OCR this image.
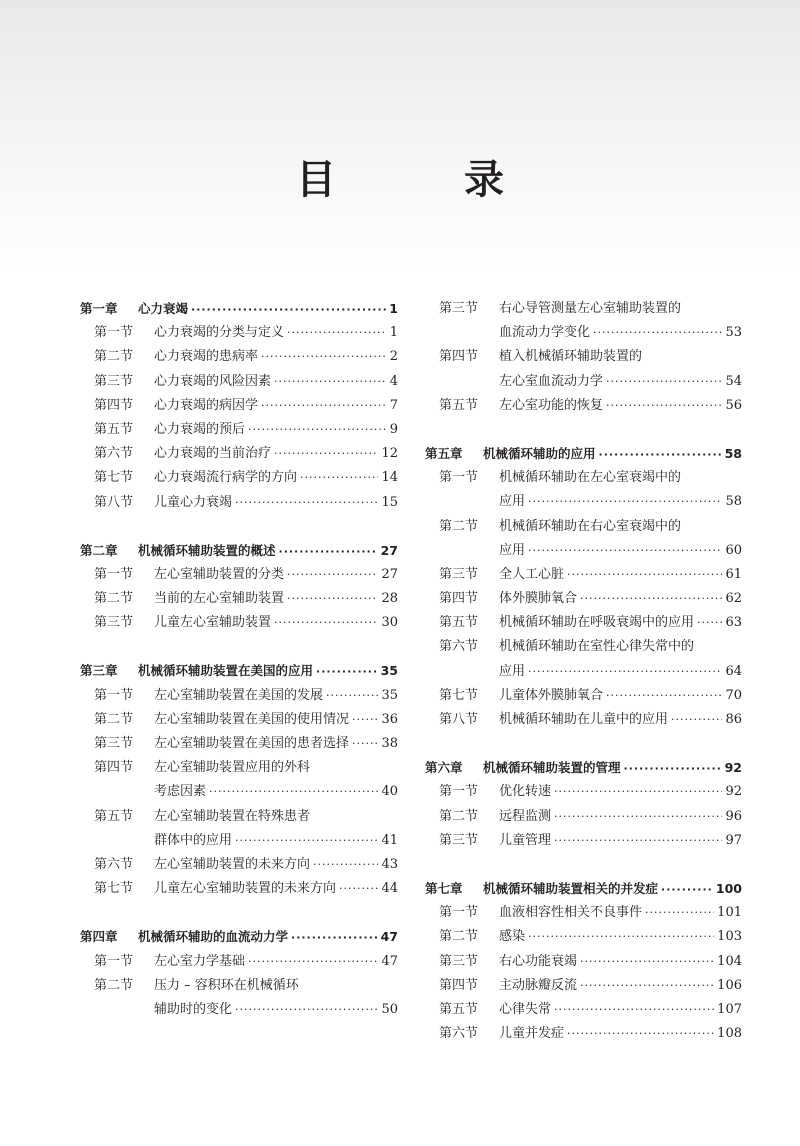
目　录
第一章	心力衰竭 ·····	1
第一节	心力衰竭的分类与定义 ·····	1
第二节	心力衰竭的患病率 ·····	2
第三节	心力衰竭的风险因素 ·····	4
第四节	心力衰竭的病因学 ·····	7
第五节	心力衰竭的预后 ·····	9
第六节	心力衰竭的当前治疗 ·····	12
第七节	心力衰竭流行病学的方向 ·····	14
第八节	儿童心力衰竭 ·····	15
第二章	机械循环辅助装置的概述 ·····	27
第一节	左心室辅助装置的分类 ·····	27
第二节	当前的左心室辅助装置 ·····	28
第三节	儿童左心室辅助装置 ·····	30
第三章	机械循环辅助装置在美国的应用 ·····	35
第一节	左心室辅助装置在美国的发展 ·····	35
第二节	左心室辅助装置在美国的使用情况 ····· 36
第三节	左心室辅助装置在美国的患者选择 ····· 38
第四节	左心室辅助装置应用的外科
考虑因素 ·····	40
第五节	左心室辅助装置在特殊患者
群体中的应用 ·····	41
第六节	左心室辅助装置的未来方向 ·····	43
第七节	儿童左心室辅助装置的未来方向 ·····	44
第四章	机械循环辅助的血流动力学 ·····	47
第一节	左心室力学基础 ·····	47
第二节	压力 – 容积环在机械循环
辅助时的变化 ·····	50
第三节	右心导管测量左心室辅助装置的
血流动力学变化 ·····	53
第四节	植入机械循环辅助装置的
左心室血流动力学 ·····	54
第五节	左心室功能的恢复 ·····	56
第五章	机械循环辅助的应用 ·····	58
第一节	机械循环辅助在左心室衰竭中的
应用 ·····	58
第二节	机械循环辅助在右心室衰竭中的
应用 ·····	60
第三节	全人工心脏 ·····	61
第四节	体外膜肺氧合 ·····	62
第五节	机械循环辅助在呼吸衰竭中的应用 ····· 63
第六节	机械循环辅助在室性心律失常中的
应用 ·····	64
第七节	儿童体外膜肺氧合 ·····	70
第八节	机械循环辅助在儿童中的应用 ·····	86
第六章	机械循环辅助装置的管理 ·····	92
第一节	优化转速 ·····	92
第二节	远程监测 ·····	96
第三节	儿童管理 ·····	97
第七章	机械循环辅助装置相关的并发症 ·····	100
第一节	血液相容性相关不良事件 ·····	101
第二节	感染 ·····	103
第三节	右心功能衰竭 ·····	104
第四节	主动脉瓣反流 ·····	106
第五节	心律失常 ·····	107
第六节	儿童并发症 ·····	108
